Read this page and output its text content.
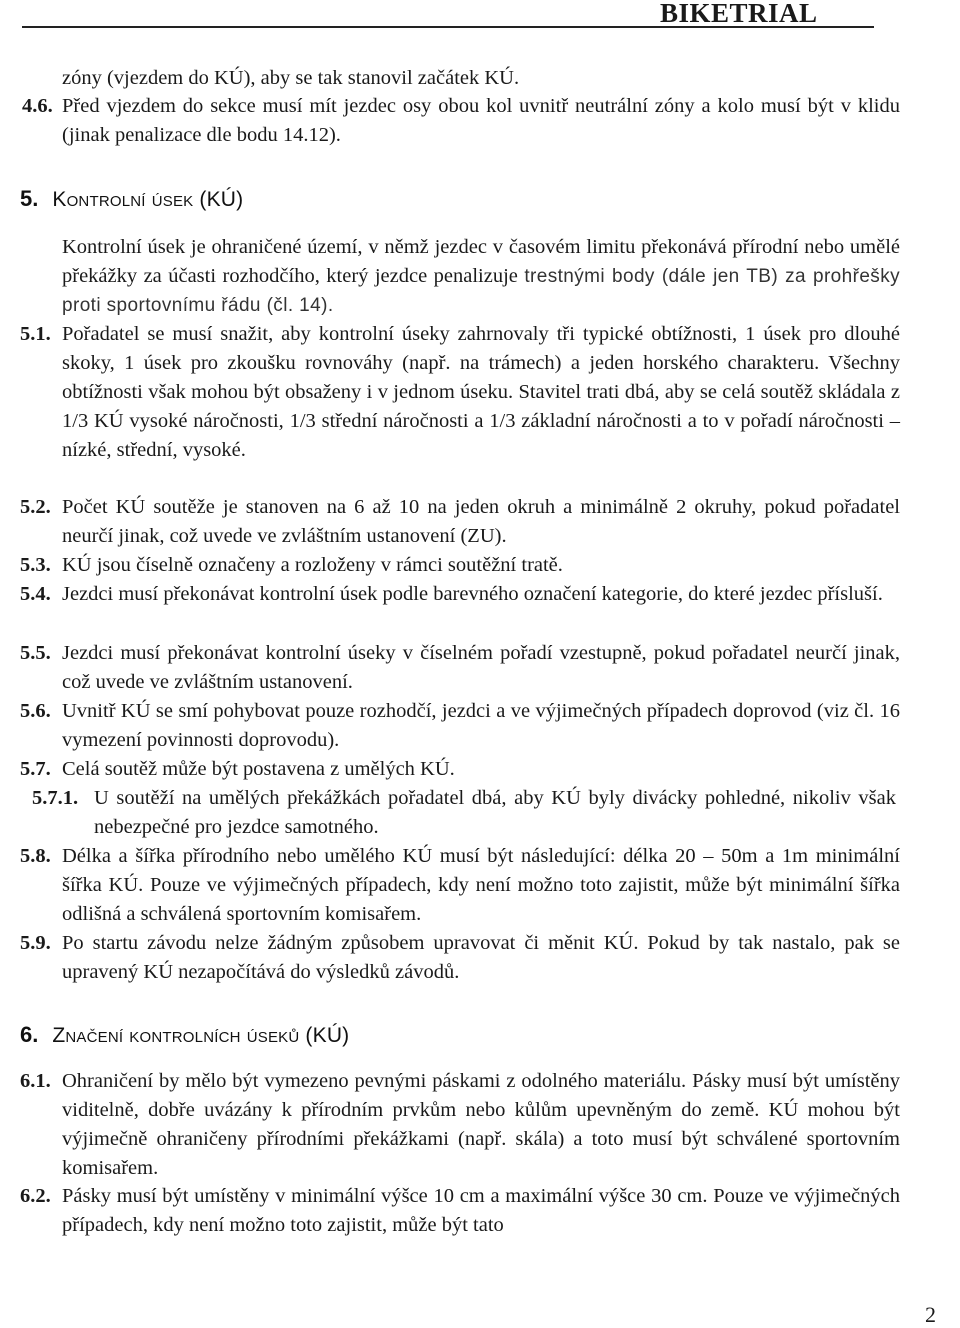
BIKETRIAL
zóny (vjezdem do KÚ), aby se tak stanovil začátek KÚ.
4.6. Před vjezdem do sekce musí mít jezdec osy obou kol uvnitř neutrální zóny a kolo musí být v klidu (jinak penalizace dle bodu 14.12).
5. Kontrolní úsek (KÚ)
Kontrolní úsek je ohraničené území, v němž jezdec v časovém limitu překonává přírodní nebo umělé překážky za účasti rozhodčího, který jezdce penalizuje trestnými body (dále jen TB) za prohřešky proti sportovnímu řádu (čl. 14).
5.1. Pořadatel se musí snažit, aby kontrolní úseky zahrnovaly tři typické obtížnosti, 1 úsek pro dlouhé skoky, 1 úsek pro zkoušku rovnováhy (např. na trámech) a jeden horského charakteru. Všechny obtížnosti však mohou být obsaženy i v jednom úseku. Stavitel trati dbá, aby se celá soutěž skládala z 1/3 KÚ vysoké náročnosti, 1/3 střední náročnosti a 1/3 základní náročnosti a to v pořadí náročnosti – nízké, střední, vysoké.
5.2. Počet KÚ soutěže je stanoven na 6 až 10 na jeden okruh a minimálně 2 okruhy, pokud pořadatel neurčí jinak, což uvede ve zvláštním ustanovení (ZU).
5.3. KÚ jsou číselně označeny a rozloženy v rámci soutěžní tratě.
5.4. Jezdci musí překonávat kontrolní úsek podle barevného označení kategorie, do které jezdec přísluší.
5.5. Jezdci musí překonávat kontrolní úseky v číselném pořadí vzestupně, pokud pořadatel neurčí jinak, což uvede ve zvláštním ustanovení.
5.6. Uvnitř KÚ se smí pohybovat pouze rozhodčí, jezdci a ve výjimečných případech doprovod (viz čl. 16 vymezení povinnosti doprovodu).
5.7. Celá soutěž může být postavena z umělých KÚ.
5.7.1. U soutěží na umělých překážkách pořadatel dbá, aby KÚ byly divácky pohledné, nikoliv však nebezpečné pro jezdce samotného.
5.8. Délka a šířka přírodního nebo umělého KÚ musí být následující: délka 20 – 50m a 1m minimální šířka KÚ. Pouze ve výjimečných případech, kdy není možno toto zajistit, může být minimální šířka odlišná a schválená sportovním komisařem.
5.9. Po startu závodu nelze žádným způsobem upravovat či měnit KÚ. Pokud by tak nastalo, pak se upravený KÚ nezapočítává do výsledků závodů.
6. Značení kontrolních úseků (KÚ)
6.1. Ohraničení by mělo být vymezeno pevnými páskami z odolného materiálu. Pásky musí být umístěny viditelně, dobře uvázány k přírodním prvkům nebo kůlům upevněným do země. KÚ mohou být výjimečně ohraničeny přírodními překážkami (např. skála) a toto musí být schválené sportovním komisařem.
6.2. Pásky musí být umístěny v minimální výšce 10 cm a maximální výšce 30 cm. Pouze ve výjimečných případech, kdy není možno toto zajistit, může být tato
2
